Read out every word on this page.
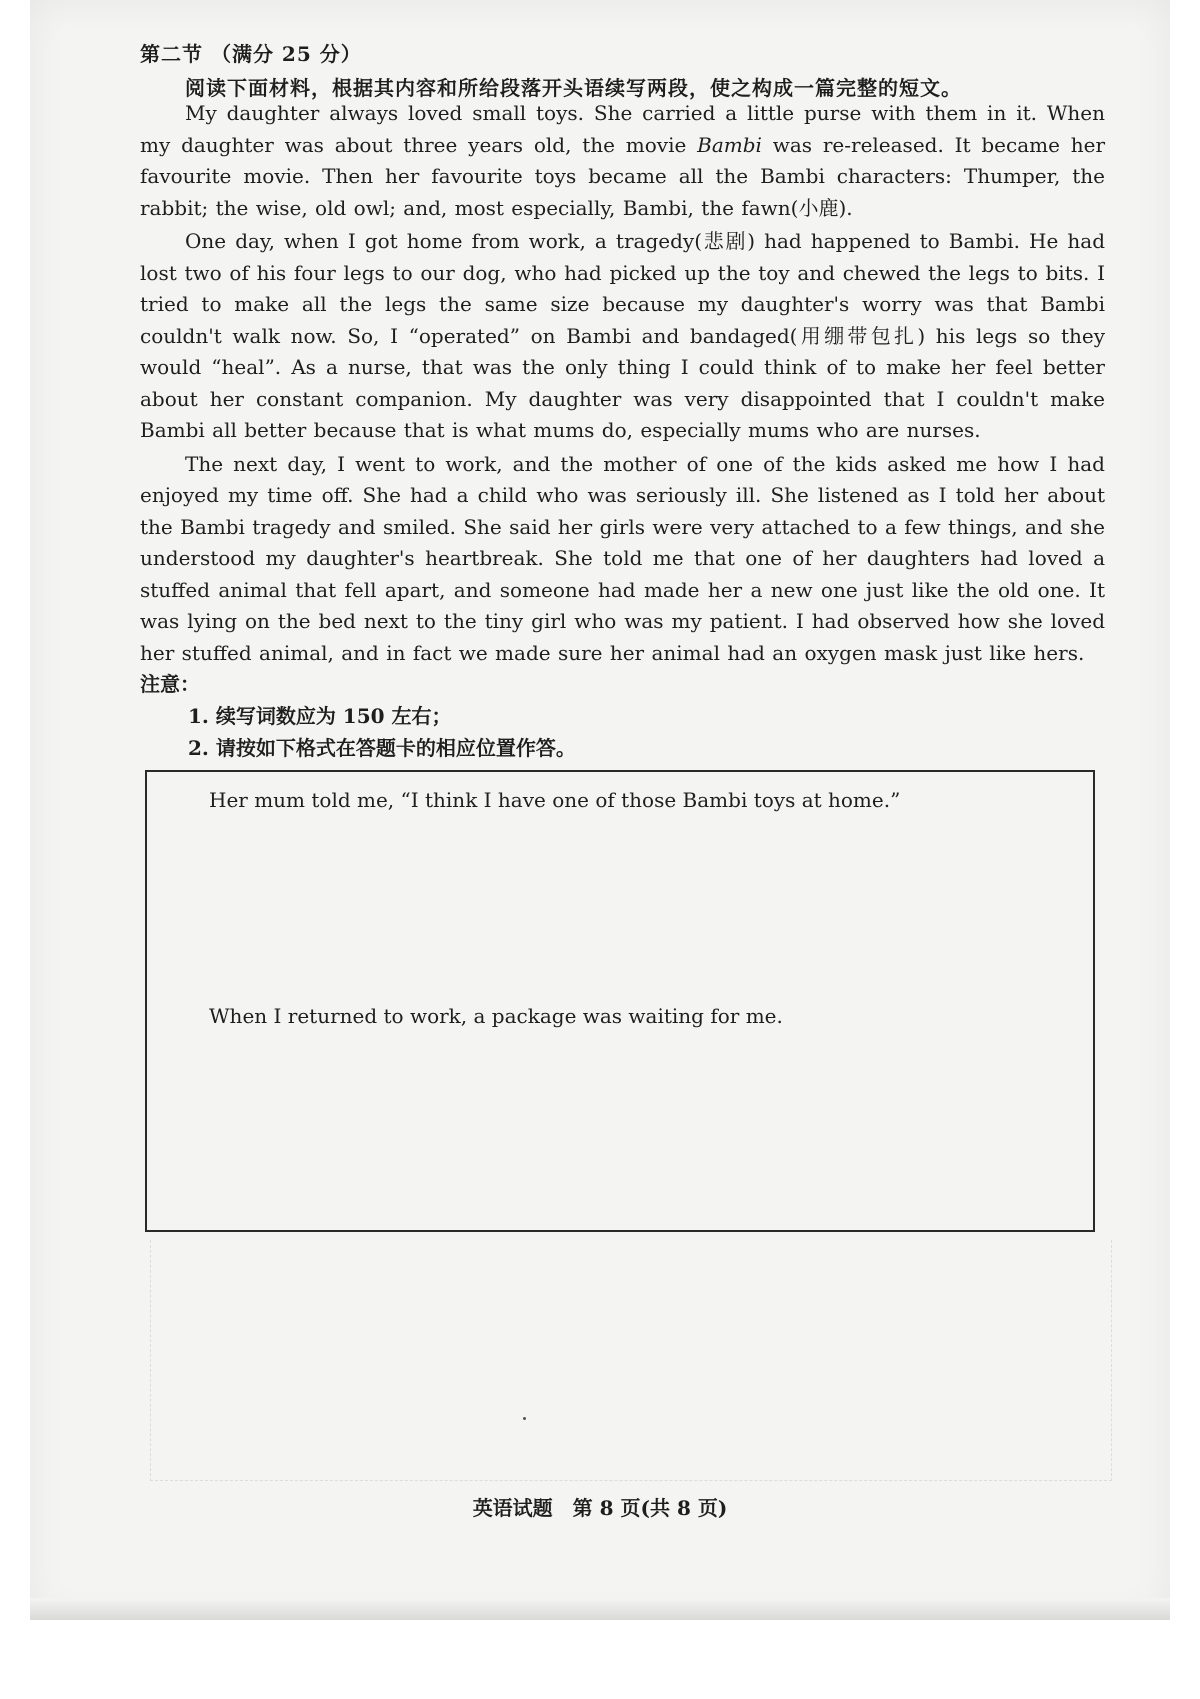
第二节 （满分 25 分）
阅读下面材料，根据其内容和所给段落开头语续写两段，使之构成一篇完整的短文。

My daughter always loved small toys. She carried a little purse with them in it. When my daughter was about three years old, the movie Bambi was re-released. It became her favourite movie. Then her favourite toys became all the Bambi characters: Thumper, the rabbit; the wise, old owl; and, most especially, Bambi, the fawn(小鹿).

One day, when I got home from work, a tragedy(悲剧) had happened to Bambi. He had lost two of his four legs to our dog, who had picked up the toy and chewed the legs to bits. I tried to make all the legs the same size because my daughter's worry was that Bambi couldn't walk now. So, I “operated” on Bambi and bandaged(用绷带包扎) his legs so they would “heal”. As a nurse, that was the only thing I could think of to make her feel better about her constant companion. My daughter was very disappointed that I couldn't make Bambi all better because that is what mums do, especially mums who are nurses.

The next day, I went to work, and the mother of one of the kids asked me how I had enjoyed my time off. She had a child who was seriously ill. She listened as I told her about the Bambi tragedy and smiled. She said her girls were very attached to a few things, and she understood my daughter's heartbreak. She told me that one of her daughters had loved a stuffed animal that fell apart, and someone had made her a new one just like the old one. It was lying on the bed next to the tiny girl who was my patient. I had observed how she loved her stuffed animal, and in fact we made sure her animal had an oxygen mask just like hers.

注意：
1. 续写词数应为 150 左右；
2. 请按如下格式在答题卡的相应位置作答。
Her mum told me, “I think I have one of those Bambi toys at home.”
When I returned to work, a package was waiting for me.
英语试题　第 8 页(共 8 页)
